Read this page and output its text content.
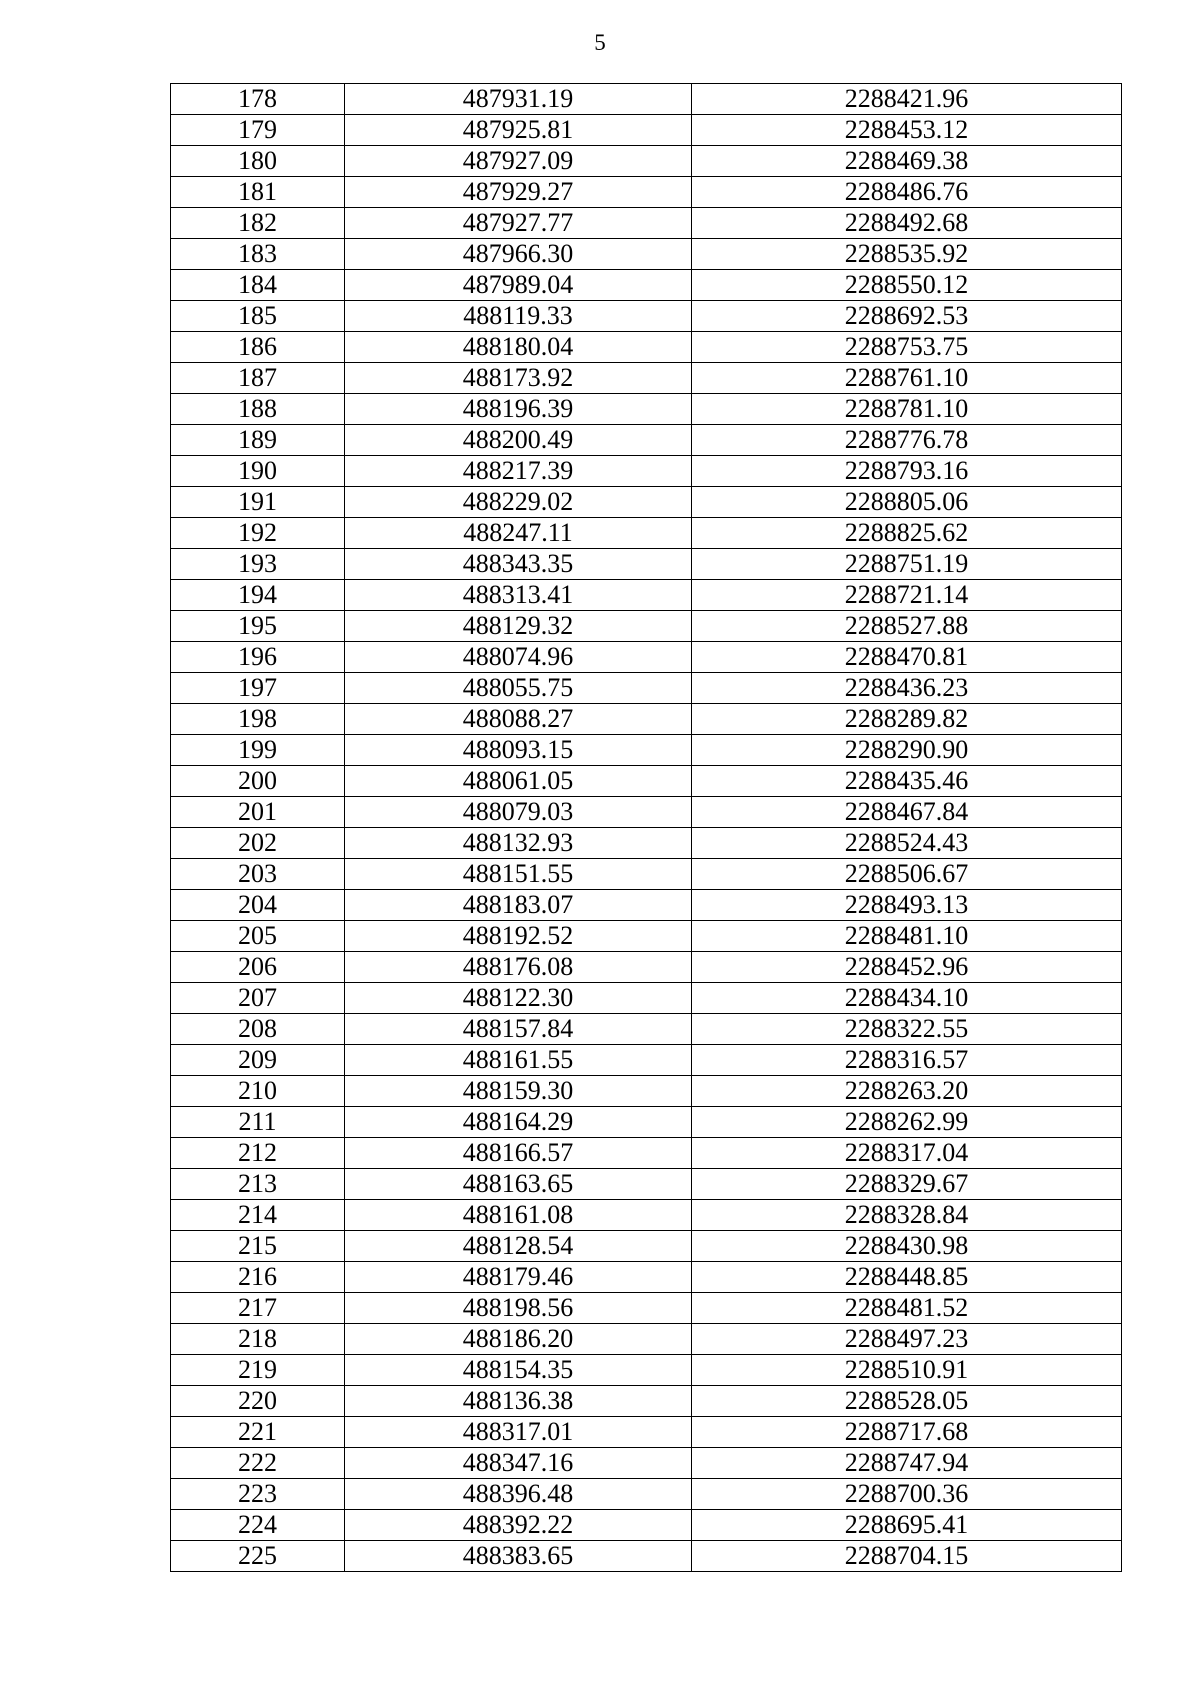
5
178	487931.19	2288421.96
179	487925.81	2288453.12
180	487927.09	2288469.38
181	487929.27	2288486.76
182	487927.77	2288492.68
183	487966.30	2288535.92
184	487989.04	2288550.12
185	488119.33	2288692.53
186	488180.04	2288753.75
187	488173.92	2288761.10
188	488196.39	2288781.10
189	488200.49	2288776.78
190	488217.39	2288793.16
191	488229.02	2288805.06
192	488247.11	2288825.62
193	488343.35	2288751.19
194	488313.41	2288721.14
195	488129.32	2288527.88
196	488074.96	2288470.81
197	488055.75	2288436.23
198	488088.27	2288289.82
199	488093.15	2288290.90
200	488061.05	2288435.46
201	488079.03	2288467.84
202	488132.93	2288524.43
203	488151.55	2288506.67
204	488183.07	2288493.13
205	488192.52	2288481.10
206	488176.08	2288452.96
207	488122.30	2288434.10
208	488157.84	2288322.55
209	488161.55	2288316.57
210	488159.30	2288263.20
211	488164.29	2288262.99
212	488166.57	2288317.04
213	488163.65	2288329.67
214	488161.08	2288328.84
215	488128.54	2288430.98
216	488179.46	2288448.85
217	488198.56	2288481.52
218	488186.20	2288497.23
219	488154.35	2288510.91
220	488136.38	2288528.05
221	488317.01	2288717.68
222	488347.16	2288747.94
223	488396.48	2288700.36
224	488392.22	2288695.41
225	488383.65	2288704.15
